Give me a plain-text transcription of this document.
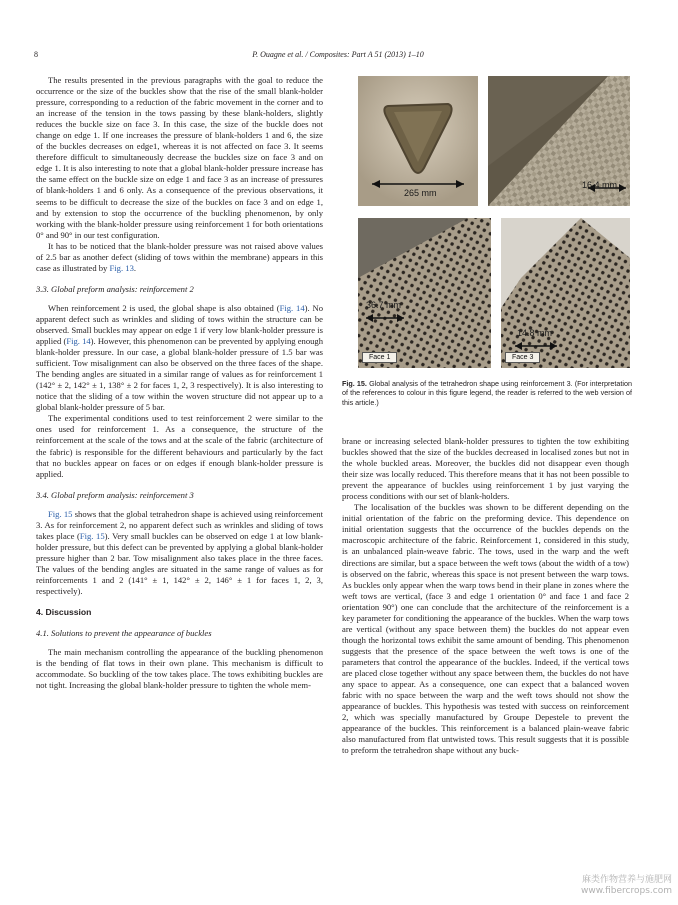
8	P. Ouagne et al. / Composites: Part A 51 (2013) 1–10

The results presented in the previous paragraphs with the goal to reduce the occurrence or the size of the buckles show that the rise of the small blank-holder pressure, corresponding to a reduction of the fabric movement in the corner and to an increase of the tension in the tows passing by these blank-holders, slightly reduces the buckle size on face 3. In this case, the size of the buckle does not change on edge 1. If one increases the pressure of blank-holders 1 and 6, the size of the buckles decreases on edge1, whereas it is not affected on face 3. It seems therefore difficult to simultaneously decrease the buckles size on face 3 and on edge 1. It is also interesting to note that a global blank-holder pressure increase has the same effect on the buckle size on edge 1 and face 3 as an increase of pressures of blank-holders 1 and 6 only. As a consequence of the previous observations, it seems to be difficult to decrease the size of the buckles on face 3 and on edge 1, and by extension to stop the occurrence of the buckling phenomenon, by only working with the blank-holder pressure using reinforcement 1 for both orientations 0° and 90° in our test configuration.

It has to be noticed that the blank-holder pressure was not raised above values of 2.5 bar as another defect (sliding of tows within the membrane) appears in this case as illustrated by Fig. 13.

3.3. Global preform analysis: reinforcement 2

When reinforcement 2 is used, the global shape is also obtained (Fig. 14). No apparent defect such as wrinkles and sliding of tows within the structure can be observed. Small buckles may appear on edge 1 if very low blank-holder pressure is applied (Fig. 14). However, this phenomenon can be prevented by applying enough blank-holder pressure. In our case, a global blank-holder pressure of 1.5 bar was sufficient. Tow misalignment can also be observed on the three faces of the shape. The bending angles are situated in a similar range of values as for reinforcement 1 (142° ± 2, 142° ± 1, 138° ± 2 for faces 1, 2, 3 respectively). It is also interesting to notice that the sliding of a tow within the woven structure did not appear up to a global blank-holder pressure of 5 bar.

The experimental conditions used to test reinforcement 2 were similar to the ones used for reinforcement 1. As a consequence, the structure of the reinforcement at the scale of the tows and at the scale of the fabric (architecture of the fabric) is responsible for the different behaviours and particularly by the fact that no buckles appear on faces or on edges if enough blank-holder pressure is applied.

3.4. Global preform analysis: reinforcement 3

Fig. 15 shows that the global tetrahedron shape is achieved using reinforcement 3. As for reinforcement 2, no apparent defect such as wrinkles and sliding of tows takes place (Fig. 15). Very small buckles can be observed on edge 1 at low blank-holder pressure, but this defect can be prevented by applying a global blank-holder pressure higher than 2 bar. Tow misalignment also takes place in the three faces. The values of the bending angles are situated in the same range of values as for reinforcements 1 and 2 (141° ± 1, 142° ± 2, 146° ± 1 for faces 1, 2, 3, respectively).

4. Discussion
4.1. Solutions to prevent the appearance of buckles

The main mechanism controlling the appearance of the buckling phenomenon is the bending of flat tows in their own plane. This mechanism is difficult to accommodate. So buckling of the tow takes place. The tows exhibiting buckles are not tight. Increasing the global blank-holder pressure to tighten the whole mem-

265 mm
16.4 mm
36.7 mm
Face 1
14.8 mm
Face 3
Fig. 15. Global analysis of the tetrahedron shape using reinforcement 3. (For interpretation of the references to colour in this figure legend, the reader is referred to the web version of this article.)

brane or increasing selected blank-holder pressures to tighten the tow exhibiting buckles showed that the size of the buckles decreased in localised zones but not in the whole buckled areas. Moreover, the buckles did not disappear even though their size was locally reduced. This therefore means that it has not been possible to prevent the appearance of buckles using reinforcement 1 by just varying the process conditions with our set of blank-holders.

The localisation of the buckles was shown to be different depending on the initial orientation of the fabric on the preforming device. This dependence on initial orientation suggests that the occurrence of the buckles depends on the macroscopic architecture of the fabric. Reinforcement 1, considered in this study, is an unbalanced plain-weave fabric. The tows, used in the warp and the weft directions are similar, but a space between the weft tows (about the width of a tow) is observed on the fabric, whereas this space is not present between the warp tows. As buckles only appear when the warp tows bend in their plane in zones where the weft tows are vertical, (face 3 and edge 1 orientation 0° and face 1 and face 2 orientation 90°) one can conclude that the architecture of the reinforcement is a key parameter for conditioning the appearance of the buckles. When the warp tows are vertical (without any space between them) the buckles do not appear even though the horizontal tows exhibit the same amount of bending. This phenomenon suggests that the presence of the space between the weft tows is one of the parameters that control the appearance of the buckles. Indeed, if the vertical tows are placed close together without any space between them, the buckles do not have any space to appear. As a consequence, one can expect that a balanced woven fabric with no space between the warp and the weft tows should not show the appearance of buckles. This hypothesis was tested with success on reinforcement 2, which was specially manufactured by Groupe Depestele to prevent the appearance of the buckles. This reinforcement is a balanced plain-weave fabric also manufactured from flat untwisted tows. This result suggests that it is possible to preform the tetrahedron shape without any buck-

麻类作物营养与施肥网
www.fibercrops.com
